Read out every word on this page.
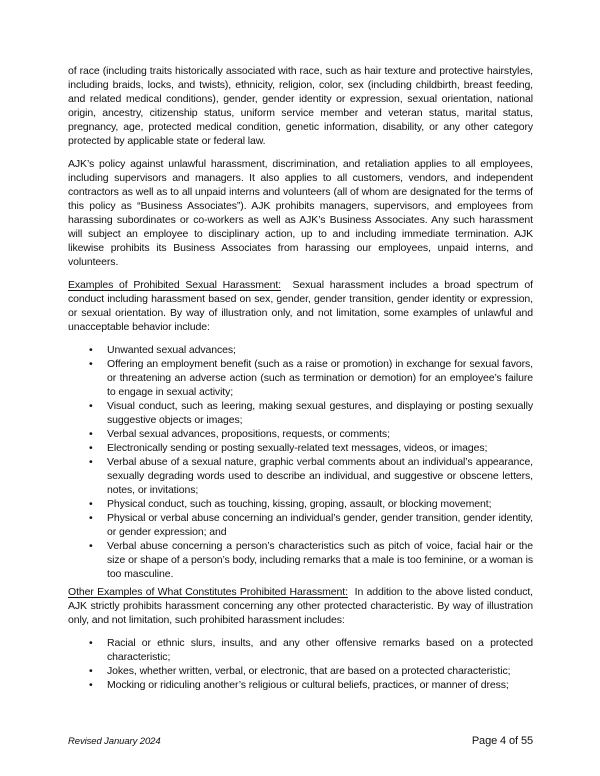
of race (including traits historically associated with race, such as hair texture and protective hairstyles, including braids, locks, and twists), ethnicity, religion, color, sex (including childbirth, breast feeding, and related medical conditions), gender, gender identity or expression, sexual orientation, national origin, ancestry, citizenship status, uniform service member and veteran status, marital status, pregnancy, age, protected medical condition, genetic information, disability, or any other category protected by applicable state or federal law.

AJK’s policy against unlawful harassment, discrimination, and retaliation applies to all employees, including supervisors and managers. It also applies to all customers, vendors, and independent contractors as well as to all unpaid interns and volunteers (all of whom are designated for the terms of this policy as “Business Associates”). AJK prohibits managers, supervisors, and employees from harassing subordinates or co-workers as well as AJK’s Business Associates. Any such harassment will subject an employee to disciplinary action, up to and including immediate termination. AJK likewise prohibits its Business Associates from harassing our employees, unpaid interns, and volunteers.

Examples of Prohibited Sexual Harassment: Sexual harassment includes a broad spectrum of conduct including harassment based on sex, gender, gender transition, gender identity or expression, or sexual orientation. By way of illustration only, and not limitation, some examples of unlawful and unacceptable behavior include:

• Unwanted sexual advances;
• Offering an employment benefit (such as a raise or promotion) in exchange for sexual favors, or threatening an adverse action (such as termination or demotion) for an employee’s failure to engage in sexual activity;
• Visual conduct, such as leering, making sexual gestures, and displaying or posting sexually suggestive objects or images;
• Verbal sexual advances, propositions, requests, or comments;
• Electronically sending or posting sexually-related text messages, videos, or images;
• Verbal abuse of a sexual nature, graphic verbal comments about an individual’s appearance, sexually degrading words used to describe an individual, and suggestive or obscene letters, notes, or invitations;
• Physical conduct, such as touching, kissing, groping, assault, or blocking movement;
• Physical or verbal abuse concerning an individual’s gender, gender transition, gender identity, or gender expression; and
• Verbal abuse concerning a person’s characteristics such as pitch of voice, facial hair or the size or shape of a person’s body, including remarks that a male is too feminine, or a woman is too masculine.

Other Examples of What Constitutes Prohibited Harassment: In addition to the above listed conduct, AJK strictly prohibits harassment concerning any other protected characteristic. By way of illustration only, and not limitation, such prohibited harassment includes:

• Racial or ethnic slurs, insults, and any other offensive remarks based on a protected characteristic;
• Jokes, whether written, verbal, or electronic, that are based on a protected characteristic;
• Mocking or ridiculing another’s religious or cultural beliefs, practices, or manner of dress;
Revised January 2024	Page 4 of 55
